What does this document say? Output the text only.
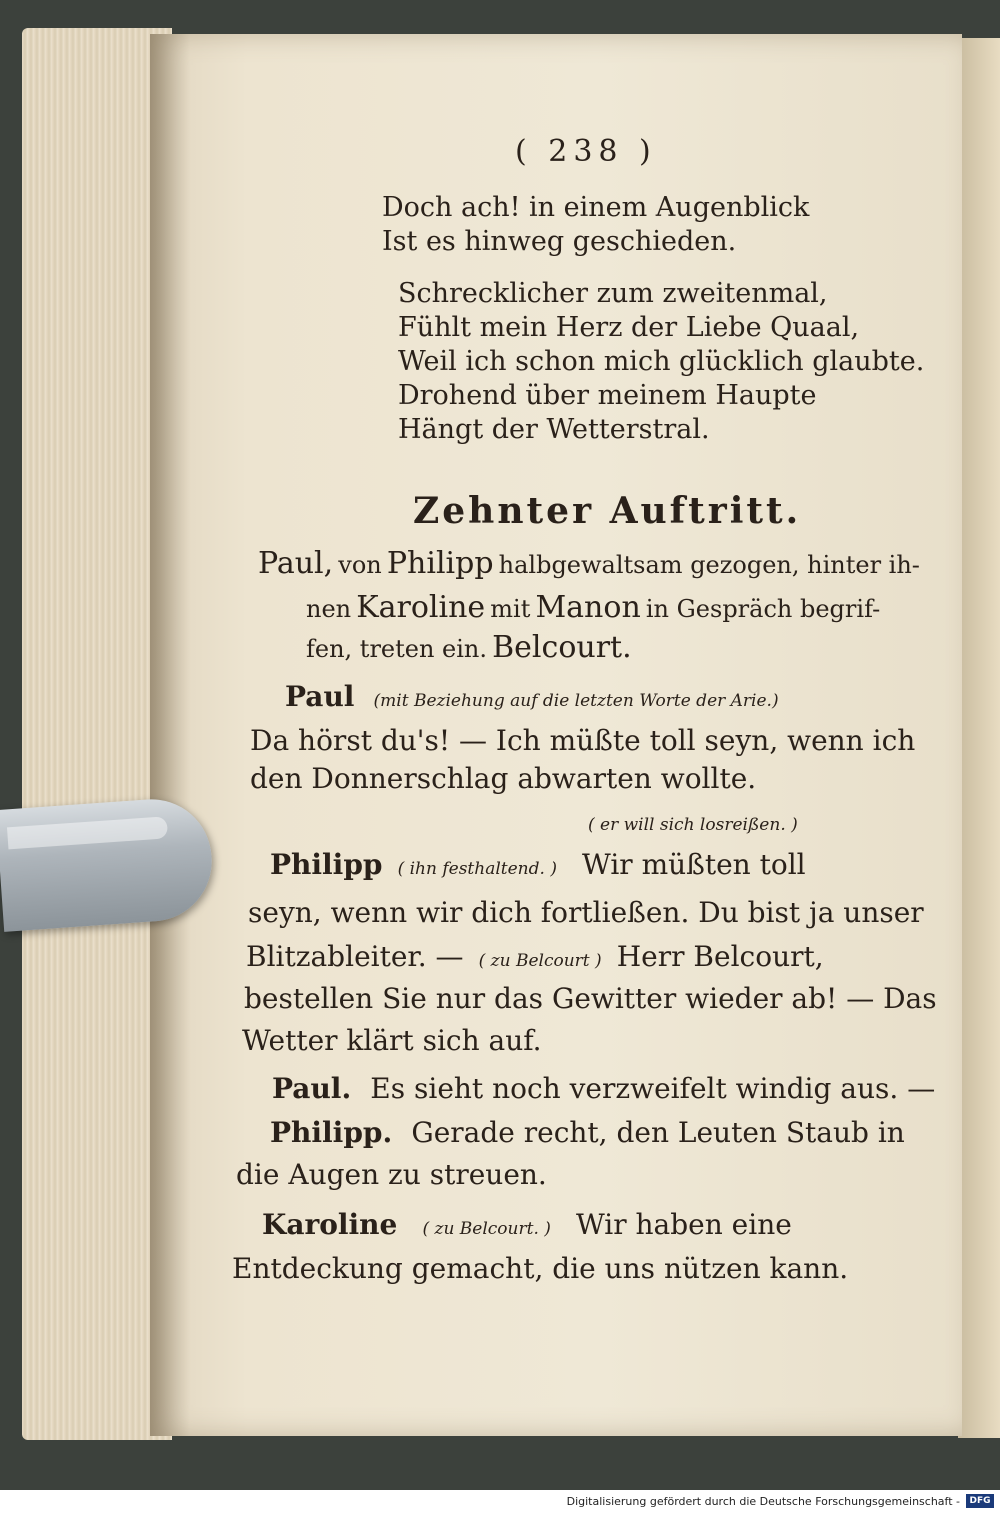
( 238 )
Doch ach! in einem Augenblick
Ist es hinweg geschieden.
Schrecklicher zum zweitenmal,
Fühlt mein Herz der Liebe Quaal,
Weil ich schon mich glücklich glaubte.
Drohend über meinem Haupte
Hängt der Wetterstral.
Zehnter Auftritt.
Paul, von Philipp halbgewaltsam gezogen, hinter ih-
nen Karoline mit Manon in Gespräch begrif-
fen, treten ein. Belcourt.
Paul (mit Beziehung auf die letzten Worte der Arie.)
Da hörst du's! — Ich müßte toll seyn, wenn ich
den Donnerschlag abwarten wollte.
( er will sich losreißen. )
Philipp ( ihn festhaltend. ) Wir müßten toll
seyn, wenn wir dich fortließen. Du bist ja unser
Blitzableiter. — ( zu Belcourt ) Herr Belcourt,
bestellen Sie nur das Gewitter wieder ab! — Das
Wetter klärt sich auf.
Paul. Es sieht noch verzweifelt windig aus. —
Philipp. Gerade recht, den Leuten Staub in
die Augen zu streuen.
Karoline ( zu Belcourt. ) Wir haben eine
Entdeckung gemacht, die uns nützen kann.
Digitalisierung gefördert durch die Deutsche Forschungsgemeinschaft -	DFG
